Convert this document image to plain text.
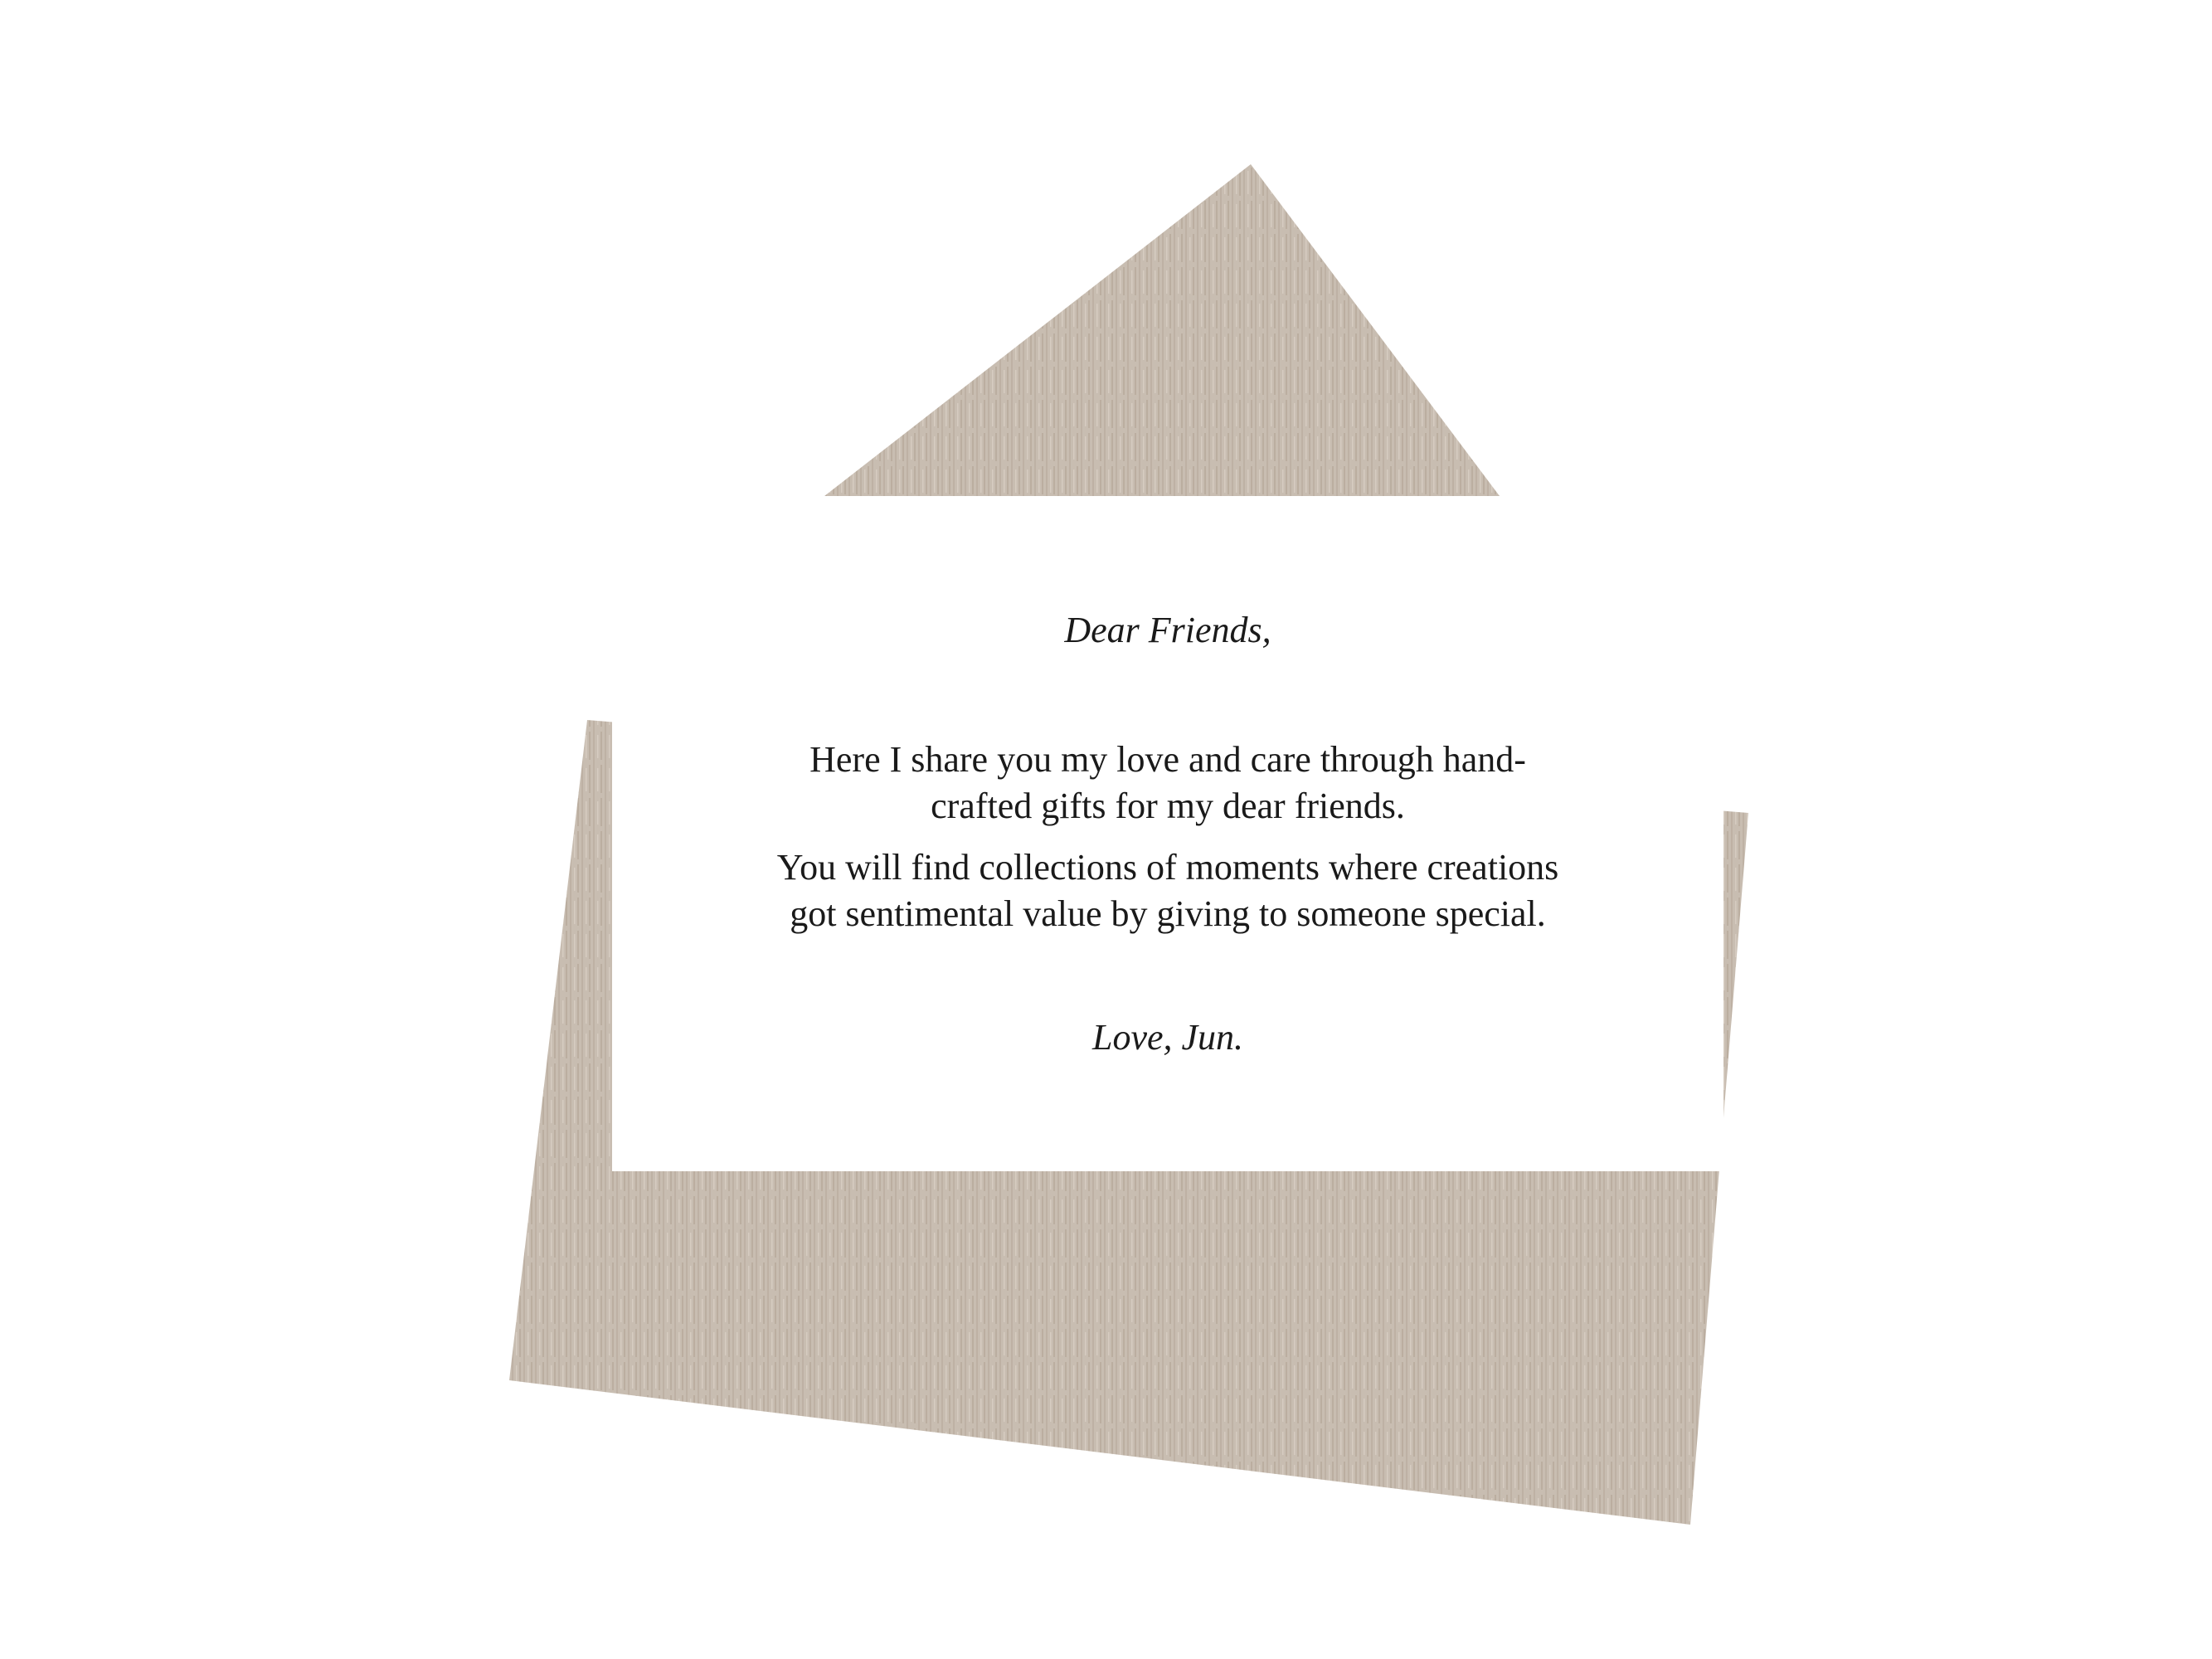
Dear Friends,
Here I share you my love and care through hand-crafted gifts for my dear friends.
You will find collections of moments where creations got sentimental value by giving to someone special.
Love, Jun.
